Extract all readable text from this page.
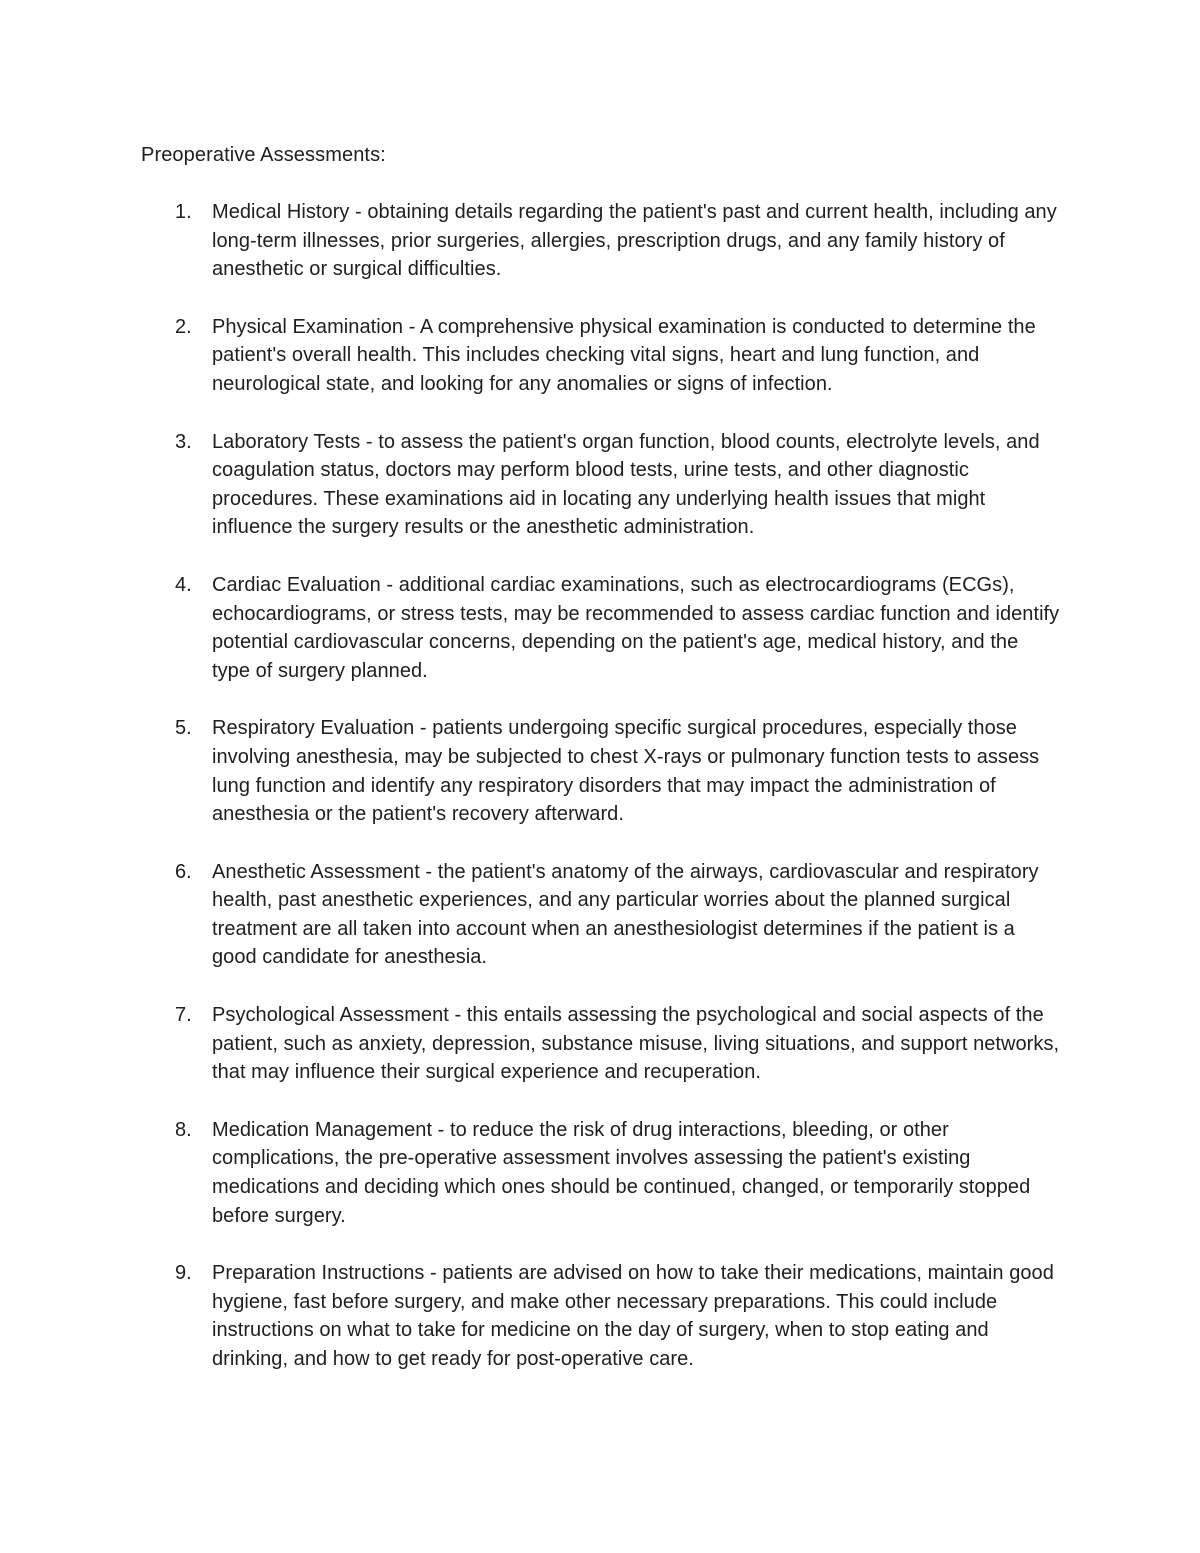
Preoperative Assessments:
1. Medical History - obtaining details regarding the patient's past and current health, including any long-term illnesses, prior surgeries, allergies, prescription drugs, and any family history of anesthetic or surgical difficulties.
2. Physical Examination - A comprehensive physical examination is conducted to determine the patient's overall health. This includes checking vital signs, heart and lung function, and neurological state, and looking for any anomalies or signs of infection.
3. Laboratory Tests - to assess the patient's organ function, blood counts, electrolyte levels, and coagulation status, doctors may perform blood tests, urine tests, and other diagnostic procedures. These examinations aid in locating any underlying health issues that might influence the surgery results or the anesthetic administration.
4. Cardiac Evaluation - additional cardiac examinations, such as electrocardiograms (ECGs), echocardiograms, or stress tests, may be recommended to assess cardiac function and identify potential cardiovascular concerns, depending on the patient's age, medical history, and the type of surgery planned.
5. Respiratory Evaluation - patients undergoing specific surgical procedures, especially those involving anesthesia, may be subjected to chest X-rays or pulmonary function tests to assess lung function and identify any respiratory disorders that may impact the administration of anesthesia or the patient's recovery afterward.
6. Anesthetic Assessment - the patient's anatomy of the airways, cardiovascular and respiratory health, past anesthetic experiences, and any particular worries about the planned surgical treatment are all taken into account when an anesthesiologist determines if the patient is a good candidate for anesthesia.
7. Psychological Assessment - this entails assessing the psychological and social aspects of the patient, such as anxiety, depression, substance misuse, living situations, and support networks, that may influence their surgical experience and recuperation.
8. Medication Management - to reduce the risk of drug interactions, bleeding, or other complications, the pre-operative assessment involves assessing the patient's existing medications and deciding which ones should be continued, changed, or temporarily stopped before surgery.
9. Preparation Instructions - patients are advised on how to take their medications, maintain good hygiene, fast before surgery, and make other necessary preparations. This could include instructions on what to take for medicine on the day of surgery, when to stop eating and drinking, and how to get ready for post-operative care.
